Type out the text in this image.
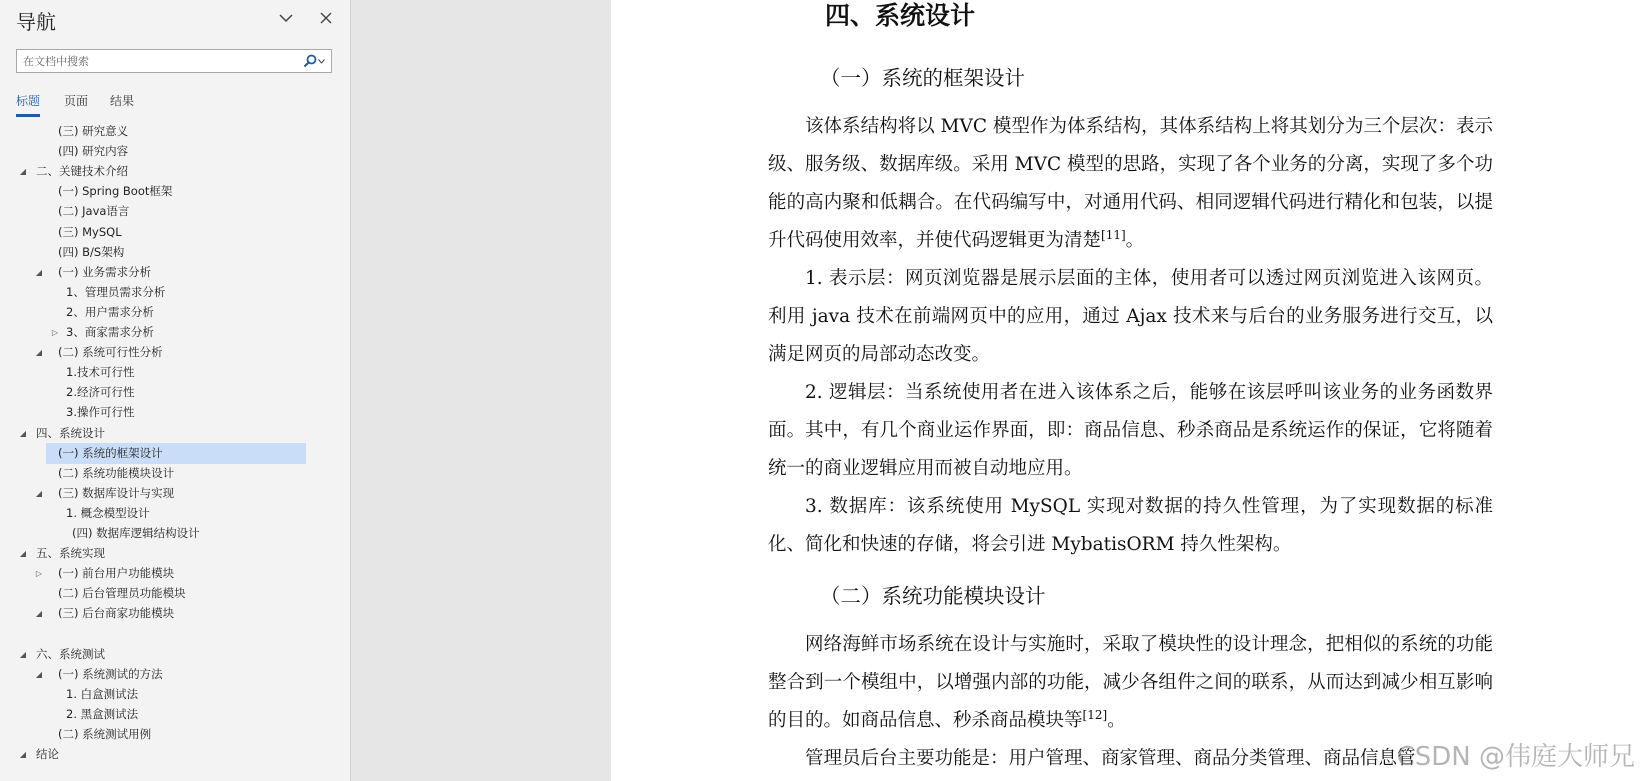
导航
在文档中搜索
标题 页面 结果
(三) 研究意义
(四) 研究内容
◢ 二、关键技术介绍
(一) Spring Boot框架
(二) Java语言
(三) MySQL
(四) B/S架构
◢ (一) 业务需求分析
1、管理员需求分析
2、用户需求分析
▷ 3、商家需求分析
◢ (二) 系统可行性分析
1.技术可行性
2.经济可行性
3.操作可行性
◢ 四、系统设计
(一) 系统的框架设计
(二) 系统功能模块设计
◢ (三) 数据库设计与实现
1. 概念模型设计
(四) 数据库逻辑结构设计
◢ 五、系统实现
▷ (一) 前台用户功能模块
(二) 后台管理员功能模块
◢ (三) 后台商家功能模块
◢ 六、系统测试
◢ (一) 系统测试的方法
1. 白盒测试法
2. 黑盒测试法
(二) 系统测试用例
◢ 结论
四、系统设计
（一）系统的框架设计

该体系结构将以 MVC 模型作为体系结构，其体系结构上将其划分为三个层次：表示级、服务级、数据库级。采用 MVC 模型的思路，实现了各个业务的分离，实现了多个功能的高内聚和低耦合。在代码编写中，对通用代码、相同逻辑代码进行精化和包装，以提升代码使用效率，并使代码逻辑更为清楚[11]。

1. 表示层：网页浏览器是展示层面的主体，使用者可以透过网页浏览进入该网页。利用 java 技术在前端网页中的应用，通过 Ajax 技术来与后台的业务服务进行交互，以满足网页的局部动态改变。

2. 逻辑层：当系统使用者在进入该体系之后，能够在该层呼叫该业务的业务函数界面。其中，有几个商业运作界面，即：商品信息、秒杀商品是系统运作的保证，它将随着统一的商业逻辑应用而被自动地应用。

3. 数据库：该系统使用 MySQL 实现对数据的持久性管理，为了实现数据的标准化、简化和快速的存储，将会引进 MybatisORM 持久性架构。

（二）系统功能模块设计

网络海鲜市场系统在设计与实施时，采取了模块性的设计理念，把相似的系统的功能整合到一个模组中，以增强内部的功能，减少各组件之间的联系，从而达到减少相互影响的目的。如商品信息、秒杀商品模块等[12]。

管理员后台主要功能是：用户管理、商家管理、商品分类管理、商品信息管

CSDN @伟庭大师兄
